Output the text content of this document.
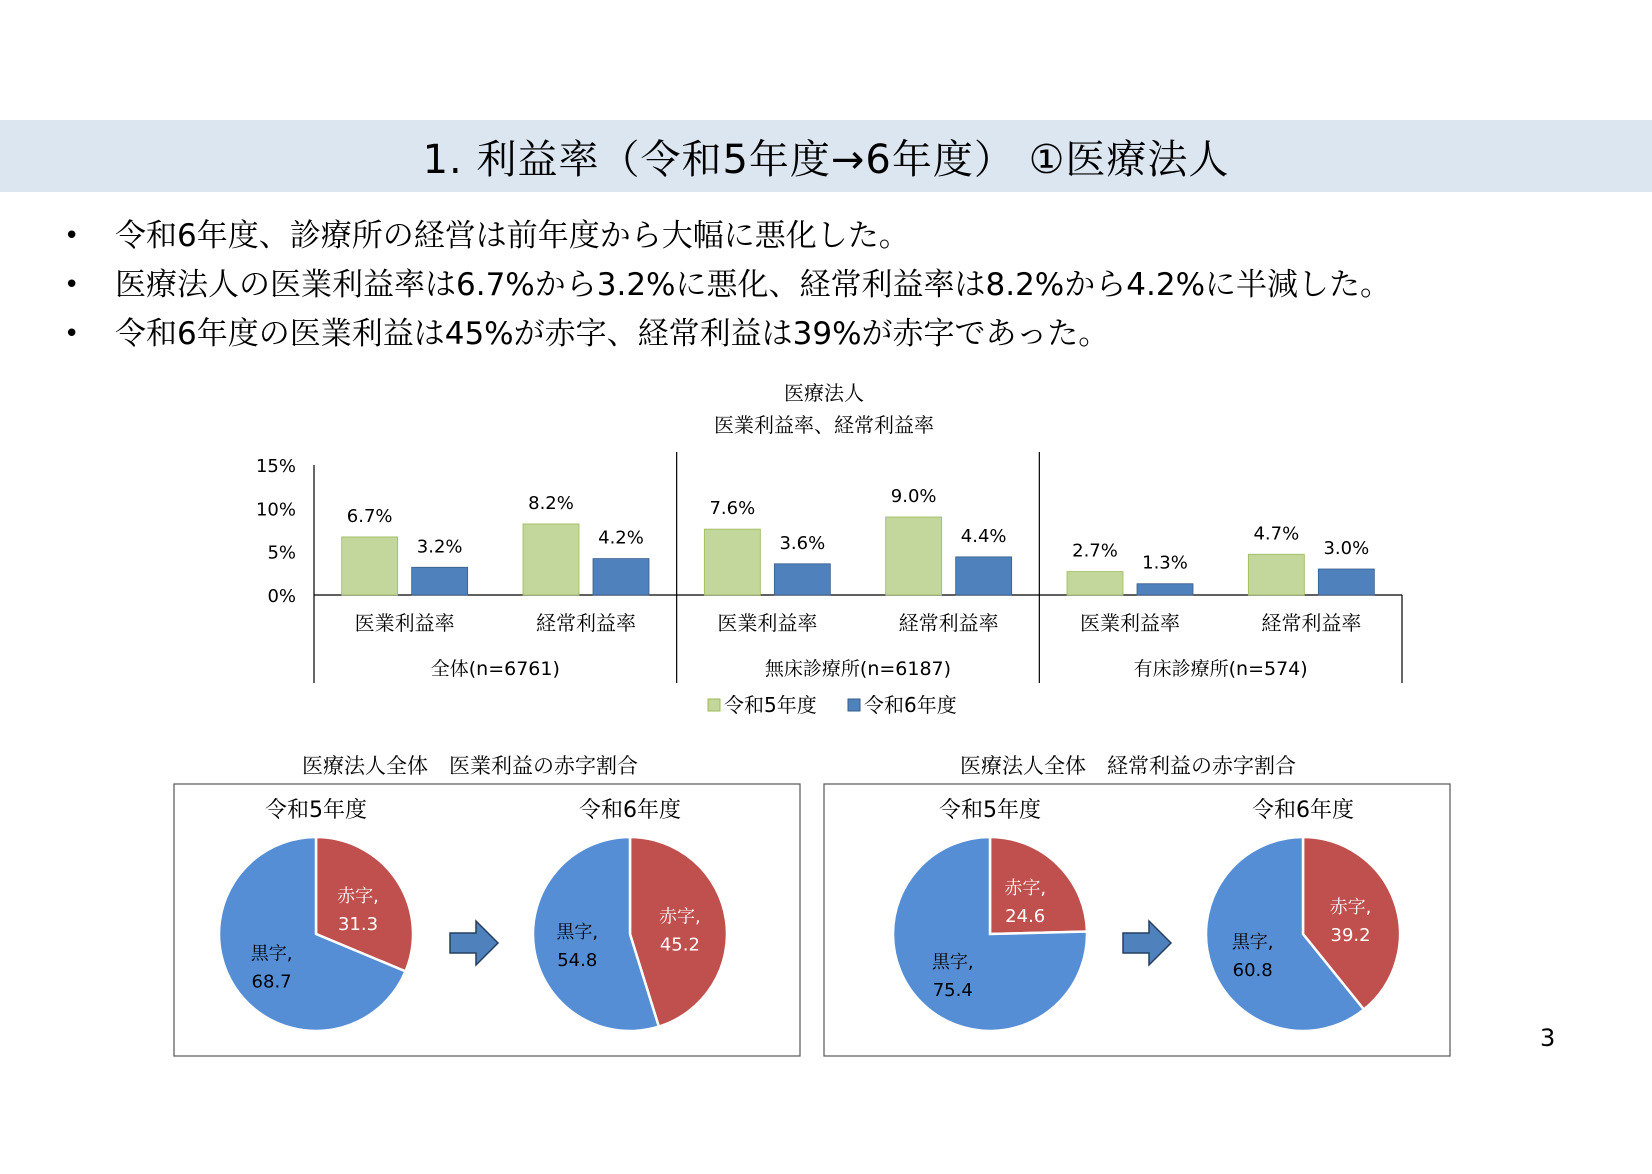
1. 利益率（令和5年度→6年度） ①医療法人
• 令和6年度、診療所の経営は前年度から大幅に悪化した。
• 医療法人の医業利益率は6.7%から3.2%に悪化、経常利益率は8.2%から4.2%に半減した。
• 令和6年度の医業利益は45%が赤字、経常利益は39%が赤字であった。
医療法人
医業利益率、経常利益率
0%
5%
10%
15%
6.7%
3.2%
医業利益率
8.2%
4.2%
経常利益率
全体(n=6761)
7.6%
3.6%
医業利益率
9.0%
4.4%
経常利益率
無床診療所(n=6187)
2.7%
1.3%
医業利益率
4.7%
3.0%
経常利益率
有床診療所(n=574)
令和5年度 令和6年度
医療法人全体　医業利益の赤字割合
令和5年度
赤字,
31.3
黒字,
68.7
令和6年度
赤字,
45.2
黒字,
54.8
医療法人全体　経常利益の赤字割合
令和5年度
赤字,
24.6
黒字,
75.4
令和6年度
赤字,
39.2
黒字,
60.8
3
